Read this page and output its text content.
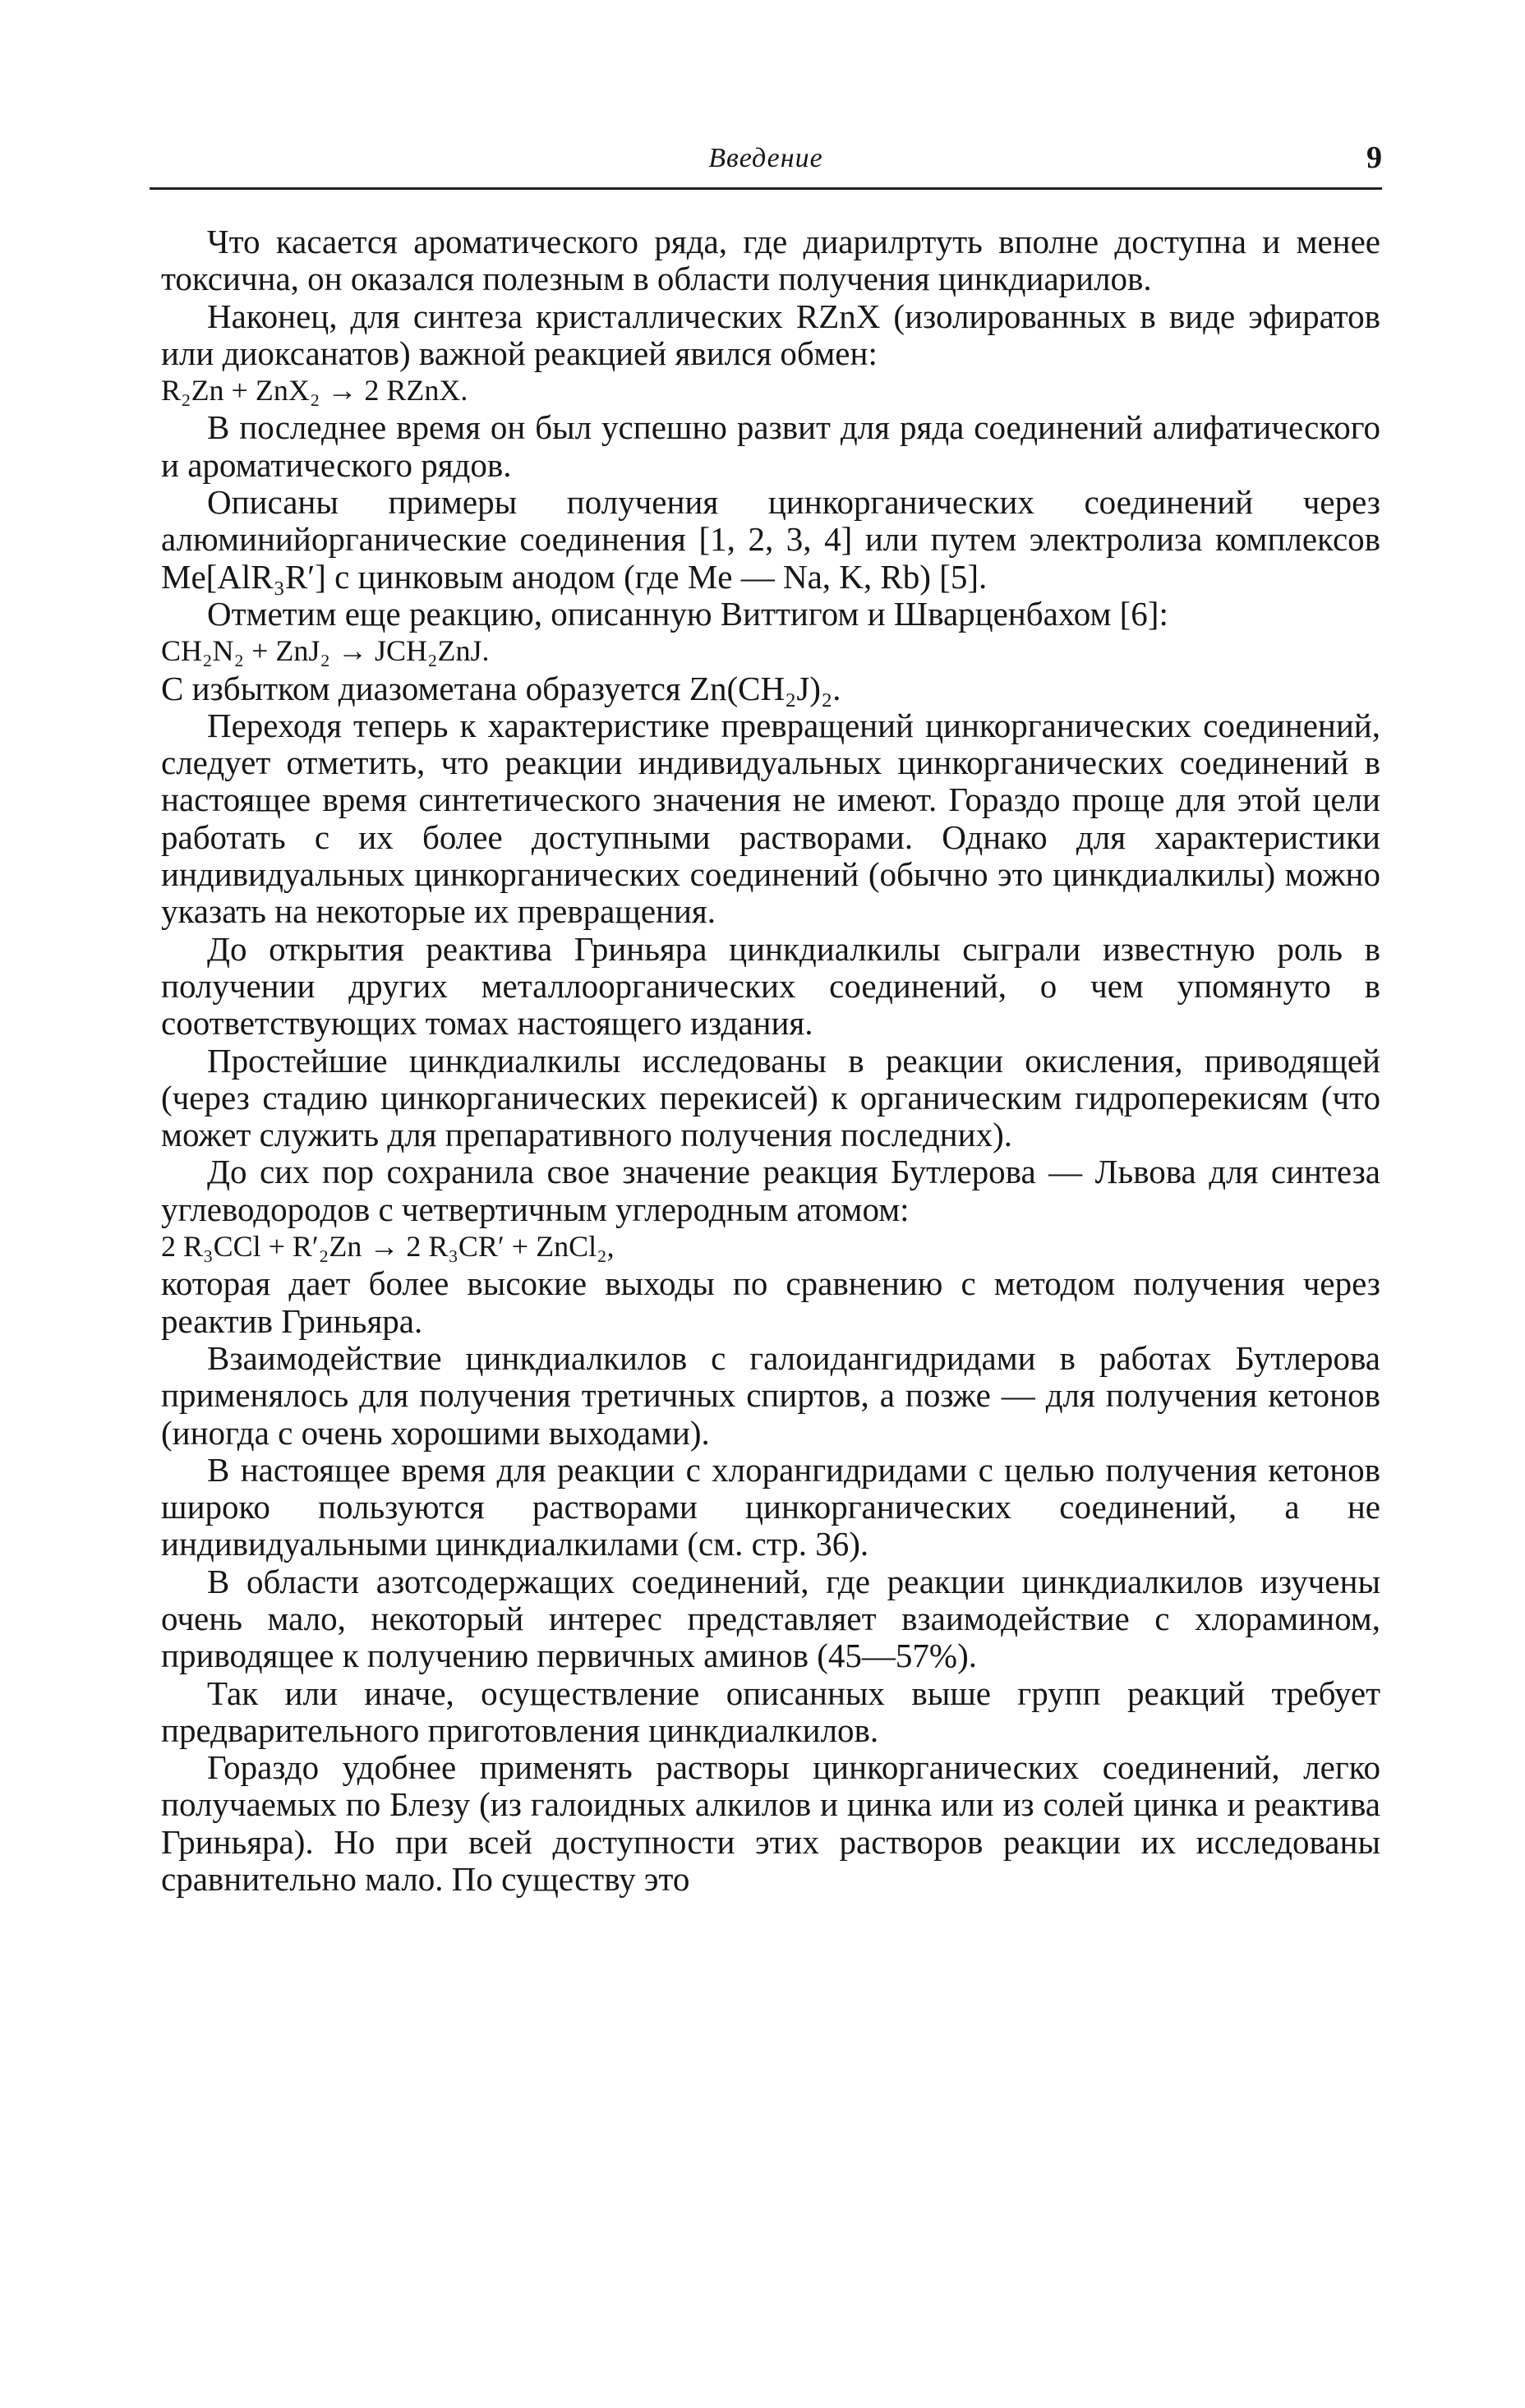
Введение	9

Что касается ароматического ряда, где диарилртуть вполне доступна и менее токсична, он оказался полезным в области получения цинкдиарилов.

Наконец, для синтеза кристаллических RZnX (изолированных в виде эфиратов или диоксанатов) важной реакцией явился обмен:

R₂Zn + ZnX₂ → 2 RZnX.

В последнее время он был успешно развит для ряда соединений алифатического и ароматического рядов.

Описаны примеры получения цинкорганических соединений через алюминийорганические соединения [1, 2, 3, 4] или путем электролиза комплексов Me[AlR₃R′] с цинковым анодом (где Me — Na, K, Rb) [5].

Отметим еще реакцию, описанную Виттигом и Шварценбахом [6]:

CH₂N₂ + ZnJ₂ → JCH₂ZnJ.

С избытком диазометана образуется Zn(CH₂J)₂.

Переходя теперь к характеристике превращений цинкорганических соединений, следует отметить, что реакции индивидуальных цинкорганических соединений в настоящее время синтетического значения не имеют. Гораздо проще для этой цели работать с их более доступными растворами. Однако для характеристики индивидуальных цинкорганических соединений (обычно это цинкдиалкилы) можно указать на некоторые их превращения.

До открытия реактива Гриньяра цинкдиалкилы сыграли известную роль в получении других металлоорганических соединений, о чем упомянуто в соответствующих томах настоящего издания.

Простейшие цинкдиалкилы исследованы в реакции окисления, приводящей (через стадию цинкорганических перекисей) к органическим гидроперекисям (что может служить для препаративного получения последних).

До сих пор сохранила свое значение реакция Бутлерова — Львова для синтеза углеводородов с четвертичным углеродным атомом:

2 R₃CCl + R′₂Zn → 2 R₃CR′ + ZnCl₂,

которая дает более высокие выходы по сравнению с методом получения через реактив Гриньяра.

Взаимодействие цинкдиалкилов с галоидангидридами в работах Бутлерова применялось для получения третичных спиртов, а позже — для получения кетонов (иногда с очень хорошими выходами).

В настоящее время для реакции с хлорангидридами с целью получения кетонов широко пользуются растворами цинкорганических соединений, а не индивидуальными цинкдиалкилами (см. стр. 36).

В области азотсодержащих соединений, где реакции цинкдиалкилов изучены очень мало, некоторый интерес представляет взаимодействие с хлорамином, приводящее к получению первичных аминов (45—57%).

Так или иначе, осуществление описанных выше групп реакций требует предварительного приготовления цинкдиалкилов.

Гораздо удобнее применять растворы цинкорганических соединений, легко получаемых по Блезу (из галоидных алкилов и цинка или из солей цинка и реактива Гриньяра). Но при всей доступности этих растворов реакции их исследованы сравнительно мало. По существу это
